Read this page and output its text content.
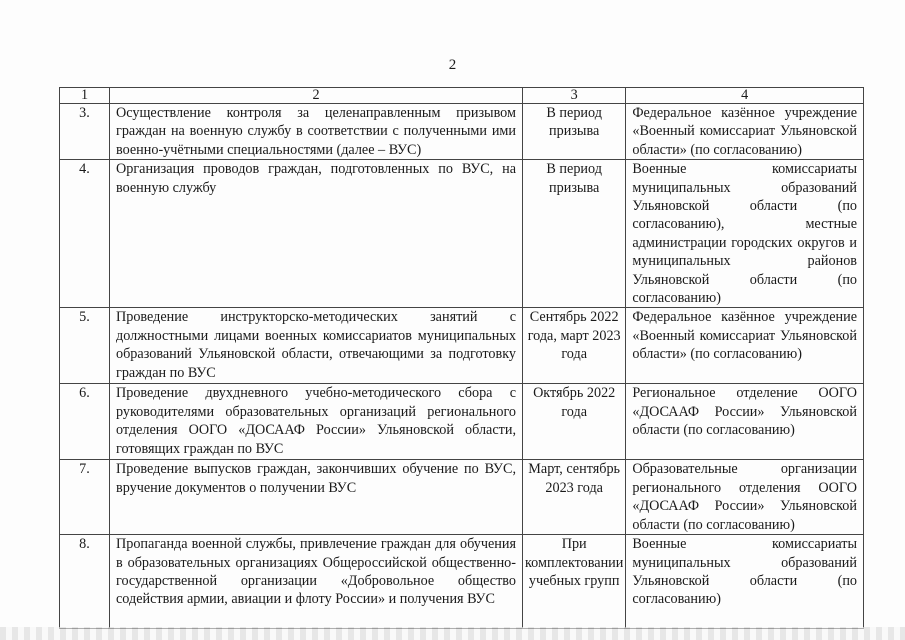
2
1	2	3	4
3.	Осуществление контроля за целенаправленным призывом граждан на военную службу в соответствии с полученными ими военно-учётными специальностями (далее – ВУС)	В период призыва	Федеральное казённое учреждение «Военный комиссариат Ульяновской области» (по согласованию)
4.	Организация проводов граждан, подготовленных по ВУС, на военную службу	В период призыва	Военные комиссариаты муниципальных образований Ульяновской области (по согласованию), местные администрации городских округов и муниципальных районов Ульяновской области (по согласованию)
5.	Проведение инструкторско-методических занятий с должностными лицами военных комиссариатов муниципальных образований Ульяновской области, отвечающими за подготовку граждан по ВУС	Сентябрь 2022 года, март 2023 года	Федеральное казённое учреждение «Военный комиссариат Ульяновской области» (по согласованию)
6.	Проведение двухдневного учебно-методического сбора с руководителями образовательных организаций регионального отделения ООГО «ДОСААФ России» Ульяновской области, готовящих граждан по ВУС	Октябрь 2022 года	Региональное отделение ООГО «ДОСААФ России» Ульяновской области (по согласованию)
7.	Проведение выпусков граждан, закончивших обучение по ВУС, вручение документов о получении ВУС	Март, сентябрь 2023 года	Образовательные организации регионального отделения ООГО «ДОСААФ России» Ульяновской области (по согласованию)
8.	Пропаганда военной службы, привлечение граждан для обучения в образовательных организациях Общероссийской общественно-государственной организации «Добровольное общество содействия армии, авиации и флоту России» и получения ВУС	При комплектовании учебных групп	Военные комиссариаты муниципальных образований Ульяновской области (по согласованию)
